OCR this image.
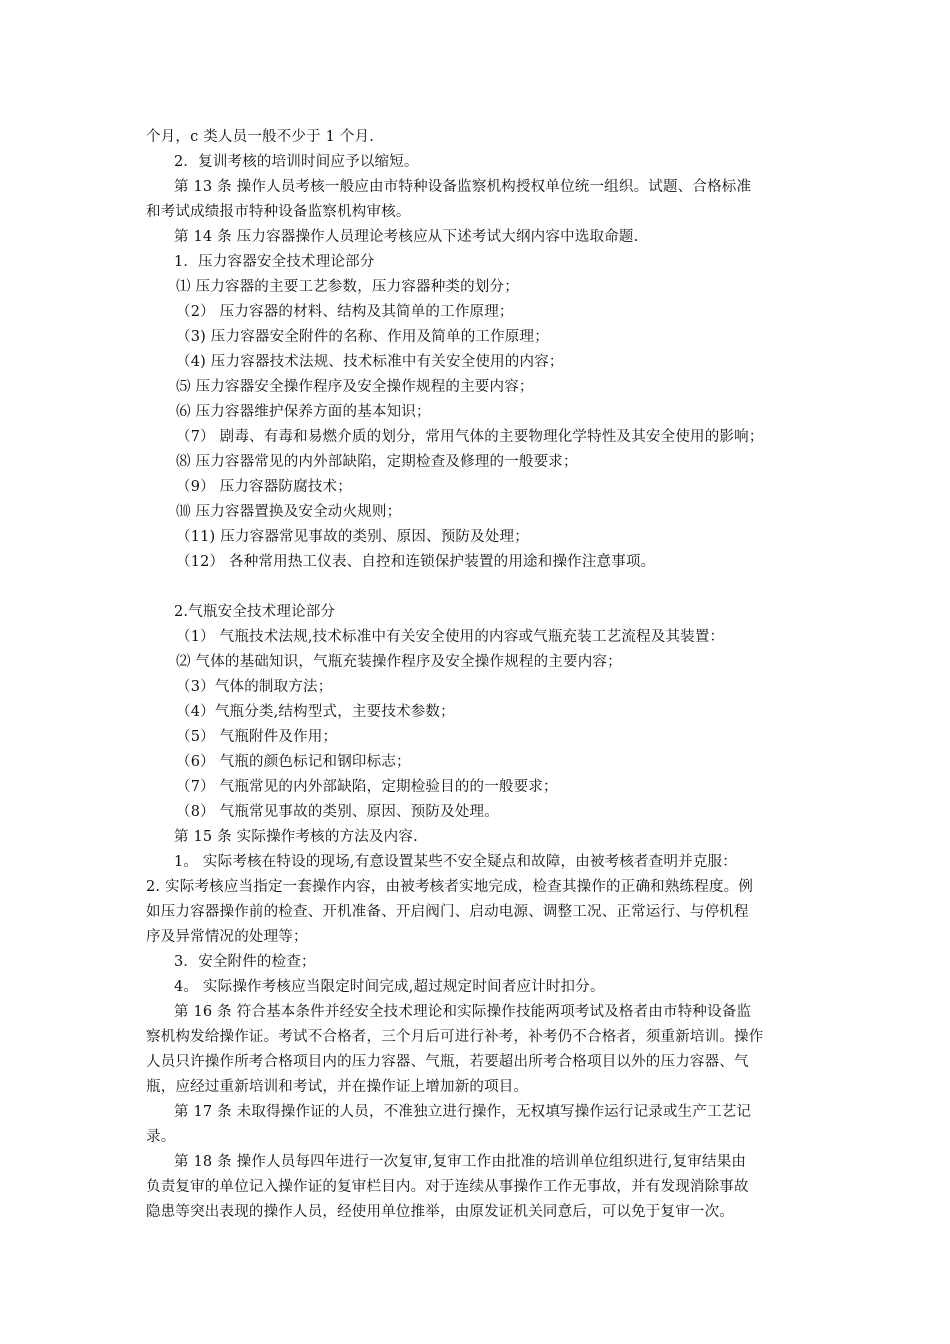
个月，c 类人员一般不少于 1 个月.
2．复训考核的培训时间应予以缩短。
第 13 条 操作人员考核一般应由市特种设备监察机构授权单位统一组织。试题、合格标准
和考试成绩报市特种设备监察机构审核。
第 14 条 压力容器操作人员理论考核应从下述考试大纲内容中选取命题.
1．压力容器安全技术理论部分
⑴ 压力容器的主要工艺参数，压力容器种类的划分；
（2） 压力容器的材料、结构及其简单的工作原理；
（3) 压力容器安全附件的名称、作用及简单的工作原理；
（4) 压力容器技术法规、技术标准中有关安全使用的内容；
⑸ 压力容器安全操作程序及安全操作规程的主要内容；
⑹ 压力容器维护保养方面的基本知识；
（7） 剧毒、有毒和易燃介质的划分，常用气体的主要物理化学特性及其安全使用的影响；
⑻ 压力容器常见的内外部缺陷，定期检查及修理的一般要求；
（9） 压力容器防腐技术；
⑽ 压力容器置换及安全动火规则；
（11) 压力容器常见事故的类别、原因、预防及处理；
（12） 各种常用热工仪表、自控和连锁保护装置的用途和操作注意事项。
2.气瓶安全技术理论部分
（1） 气瓶技术法规,技术标准中有关安全使用的内容或气瓶充装工艺流程及其装置：
⑵ 气体的基础知识，气瓶充装操作程序及安全操作规程的主要内容；
（3）气体的制取方法；
（4）气瓶分类,结构型式，主要技术参数；
（5） 气瓶附件及作用；
（6） 气瓶的颜色标记和钢印标志；
（7） 气瓶常见的内外部缺陷，定期检验目的的一般要求；
（8） 气瓶常见事故的类别、原因、预防及处理。
第 15 条 实际操作考核的方法及内容.
1。 实际考核在特设的现场,有意设置某些不安全疑点和故障，由被考核者查明并克服：
2. 实际考核应当指定一套操作内容，由被考核者实地完成，检查其操作的正确和熟练程度。例
如压力容器操作前的检查、开机准备、开启阀门、启动电源、调整工况、正常运行、与停机程
序及异常情况的处理等；
3．安全附件的检查；
4。 实际操作考核应当限定时间完成,超过规定时间者应计时扣分。
第 16 条 符合基本条件并经安全技术理论和实际操作技能两项考试及格者由市特种设备监
察机构发给操作证。考试不合格者，三个月后可进行补考，补考仍不合格者，须重新培训。操作
人员只许操作所考合格项目内的压力容器、气瓶，若要超出所考合格项目以外的压力容器、气
瓶，应经过重新培训和考试，并在操作证上增加新的项目。
第 17 条 未取得操作证的人员，不准独立进行操作，无权填写操作运行记录或生产工艺记
录。
第 18 条 操作人员每四年进行一次复审,复审工作由批准的培训单位组织进行,复审结果由
负责复审的单位记入操作证的复审栏目内。对于连续从事操作工作无事故，并有发现消除事故
隐患等突出表现的操作人员，经使用单位推举，由原发证机关同意后，可以免于复审一次。
